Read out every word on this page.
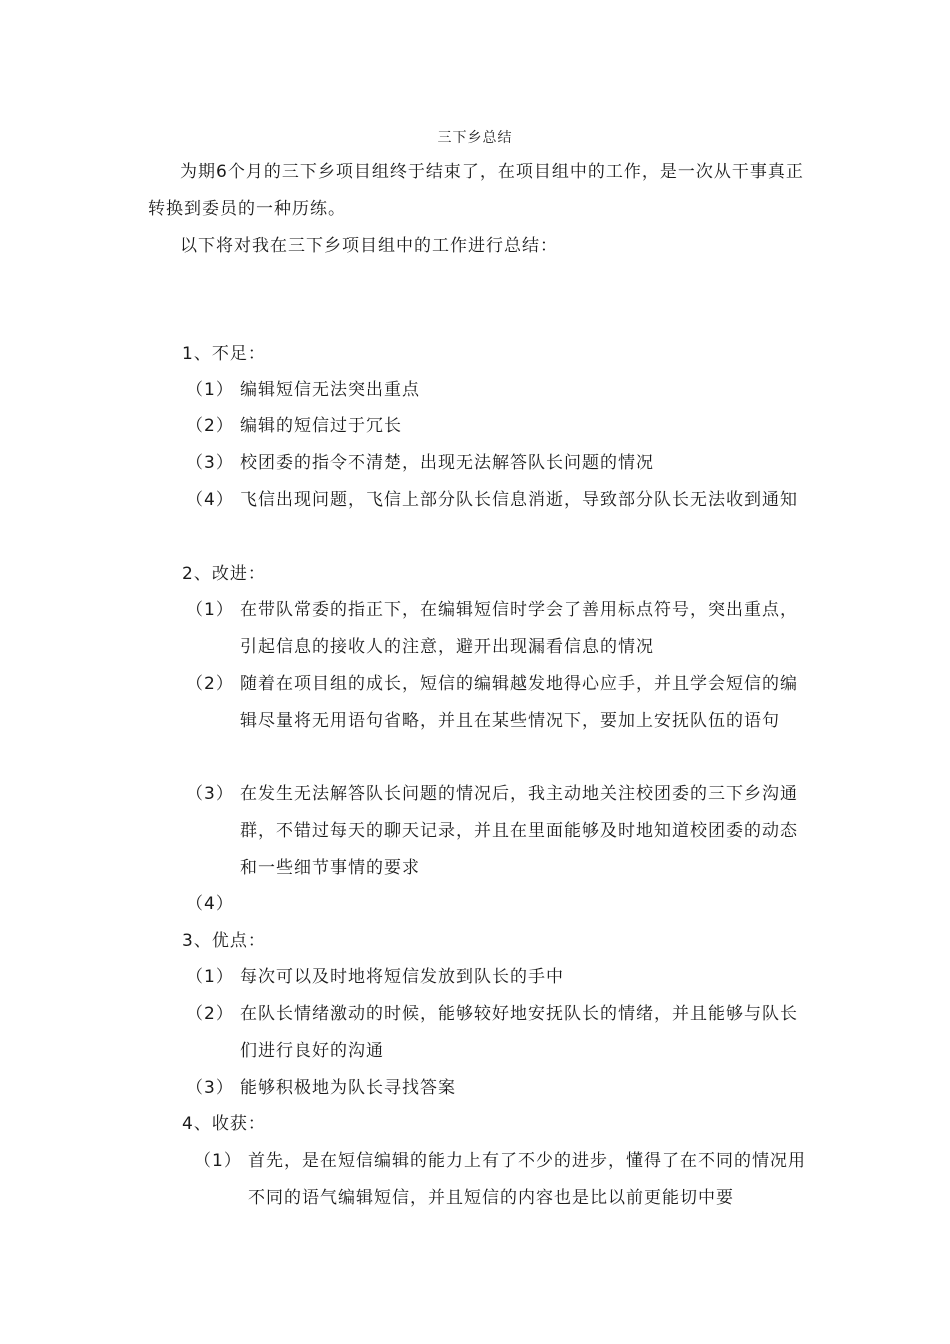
三下乡总结
为期6个月的三下乡项目组终于结束了，在项目组中的工作，是一次从干事真正转换到委员的一种历练。
以下将对我在三下乡项目组中的工作进行总结：
1、不足：
（1） 编辑短信无法突出重点
（2） 编辑的短信过于冗长
（3） 校团委的指令不清楚，出现无法解答队长问题的情况
（4） 飞信出现问题，飞信上部分队长信息消逝，导致部分队长无法收到通知
2、改进：
（1） 在带队常委的指正下，在编辑短信时学会了善用标点符号，突出重点，引起信息的接收人的注意，避开出现漏看信息的情况
（2） 随着在项目组的成长，短信的编辑越发地得心应手，并且学会短信的编辑尽量将无用语句省略，并且在某些情况下，要加上安抚队伍的语句
（3） 在发生无法解答队长问题的情况后，我主动地关注校团委的三下乡沟通群，不错过每天的聊天记录，并且在里面能够及时地知道校团委的动态和一些细节事情的要求
（4）
3、优点：
（1） 每次可以及时地将短信发放到队长的手中
（2） 在队长情绪激动的时候，能够较好地安抚队长的情绪，并且能够与队长们进行良好的沟通
（3） 能够积极地为队长寻找答案
4、收获：
（1） 首先，是在短信编辑的能力上有了不少的进步，懂得了在不同的情况用不同的语气编辑短信，并且短信的内容也是比以前更能切中要
